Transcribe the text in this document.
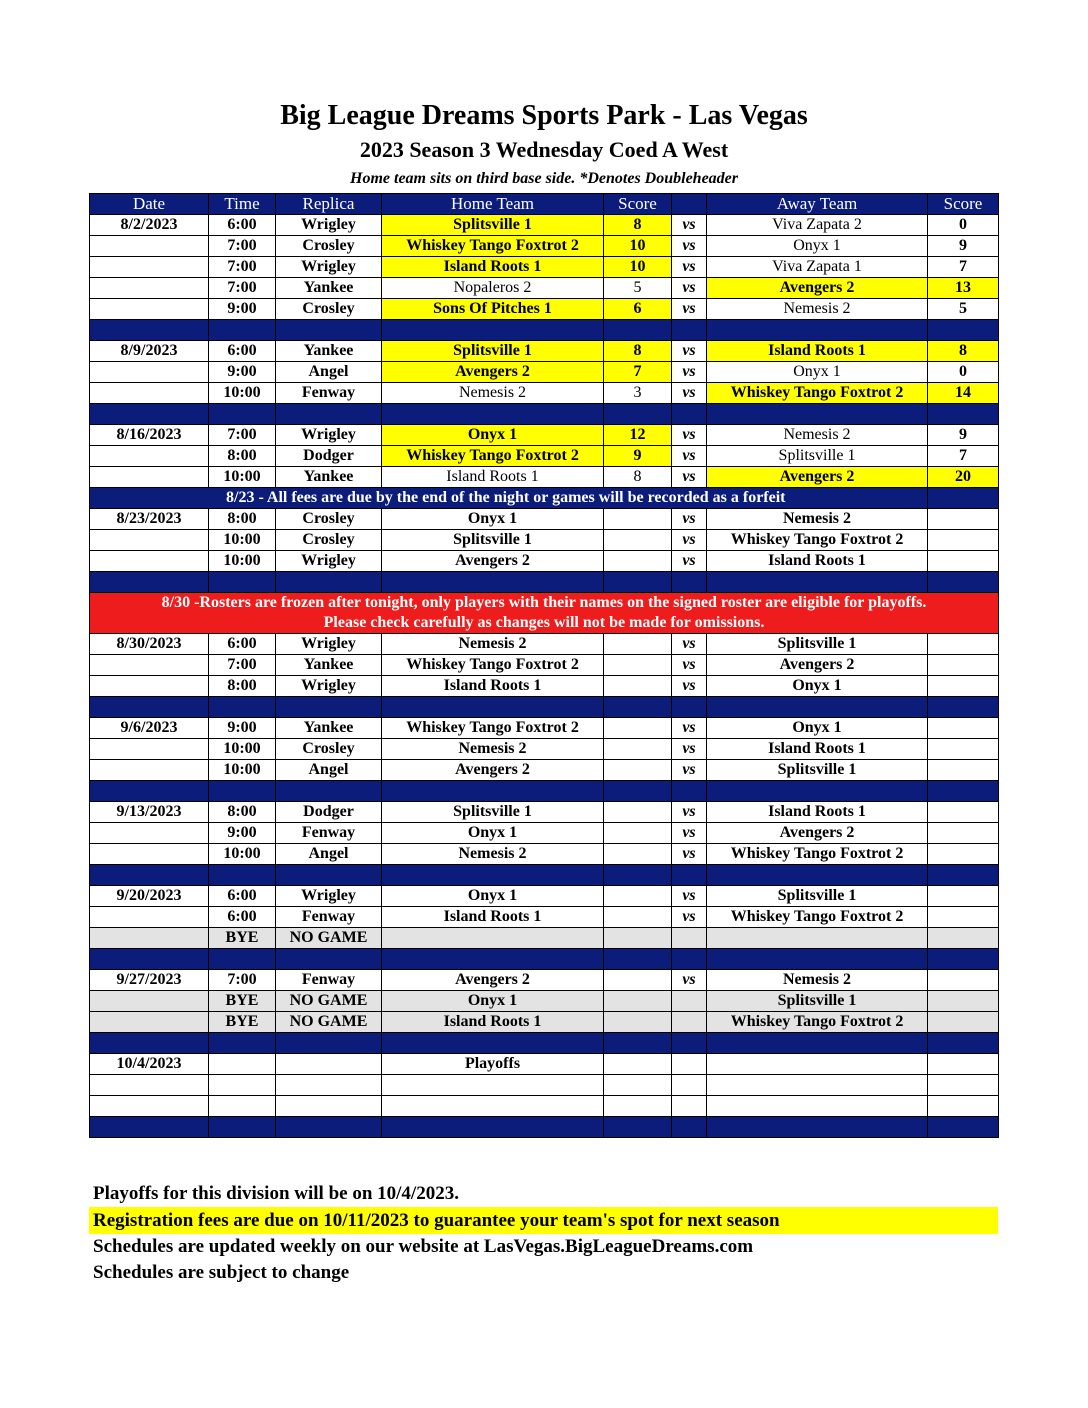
Big League Dreams Sports Park - Las Vegas
2023 Season 3 Wednesday Coed A West
Home team sits on third base side. *Denotes Doubleheader
Date	Time	Replica	Home Team	Score		Away Team	Score
8/2/2023	6:00	Wrigley	Splitsville 1	8	vs	Viva Zapata 2	0
	7:00	Crosley	Whiskey Tango Foxtrot 2	10	vs	Onyx 1	9
	7:00	Wrigley	Island Roots 1	10	vs	Viva Zapata 1	7
	7:00	Yankee	Nopaleros 2	5	vs	Avengers 2	13
	9:00	Crosley	Sons Of Pitches 1	6	vs	Nemesis 2	5

8/9/2023	6:00	Yankee	Splitsville 1	8	vs	Island Roots 1	8
	9:00	Angel	Avengers 2	7	vs	Onyx 1	0
	10:00	Fenway	Nemesis 2	3	vs	Whiskey Tango Foxtrot 2	14

8/16/2023	7:00	Wrigley	Onyx 1	12	vs	Nemesis 2	9
	8:00	Dodger	Whiskey Tango Foxtrot 2	9	vs	Splitsville 1	7
	10:00	Yankee	Island Roots 1	8	vs	Avengers 2	20
8/23 - All fees are due by the end of the night or games will be recorded as a forfeit							
8/23/2023	8:00	Crosley	Onyx 1		vs	Nemesis 2	
	10:00	Crosley	Splitsville 1		vs	Whiskey Tango Foxtrot 2	
	10:00	Wrigley	Avengers 2		vs	Island Roots 1	

8/30 -Rosters are frozen after tonight, only players with their names on the signed roster are eligible for playoffs.
Please check carefully as changes will not be made for omissions.							

8/30/2023	6:00	Wrigley	Nemesis 2		vs	Splitsville 1	
	7:00	Yankee	Whiskey Tango Foxtrot 2		vs	Avengers 2	
	8:00	Wrigley	Island Roots 1		vs	Onyx 1	

9/6/2023	9:00	Yankee	Whiskey Tango Foxtrot 2		vs	Onyx 1	
	10:00	Crosley	Nemesis 2		vs	Island Roots 1	
	10:00	Angel	Avengers 2		vs	Splitsville 1	

9/13/2023	8:00	Dodger	Splitsville 1		vs	Island Roots 1	
	9:00	Fenway	Onyx 1		vs	Avengers 2	
	10:00	Angel	Nemesis 2		vs	Whiskey Tango Foxtrot 2	

9/20/2023	6:00	Wrigley	Onyx 1		vs	Splitsville 1	
	6:00	Fenway	Island Roots 1		vs	Whiskey Tango Foxtrot 2	
	BYE	NO GAME					

9/27/2023	7:00	Fenway	Avengers 2		vs	Nemesis 2	
	BYE	NO GAME	Onyx 1			Splitsville 1	
	BYE	NO GAME	Island Roots 1			Whiskey Tango Foxtrot 2	

10/4/2023			Playoffs				

Playoffs for this division will be on 10/4/2023.
Registration fees are due on 10/11/2023 to guarantee your team's spot for next season
Schedules are updated weekly on our website at LasVegas.BigLeagueDreams.com
Schedules are subject to change
